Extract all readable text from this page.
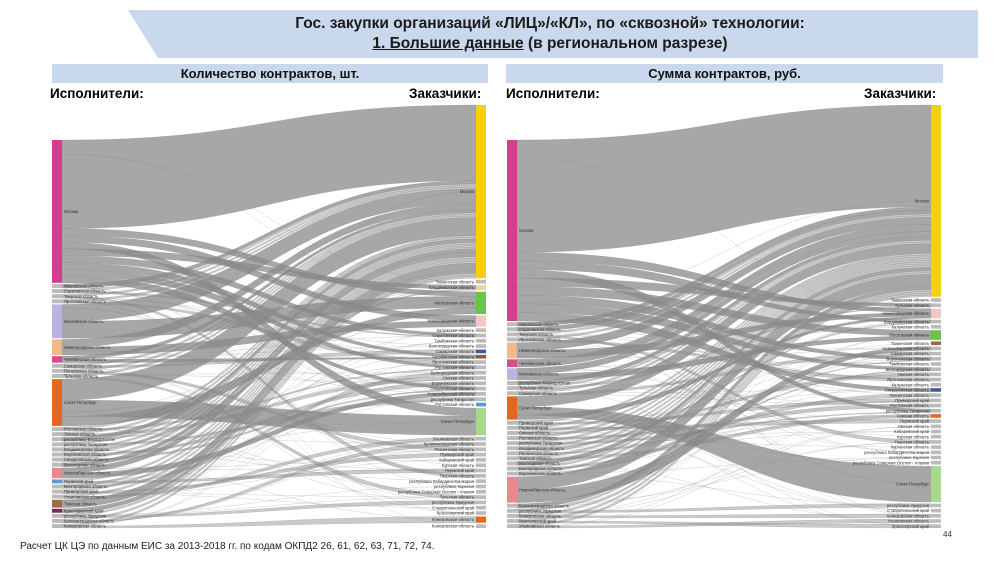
Гос. закупки организаций «ЛИЦ»/«КЛ», по «сквозной» технологии:
1. Большие данные (в региональном разрезе)
Количество контрактов, шт.	Сумма контрактов, руб.
Исполнители:	Заказчики: Исполнители:	Заказчики:
Москва
Ивановская область
Саратовская область
Тверская область
Ярославская область
Московская область
Нижегородская область
Челябинская область
Самарская область
Пензенская область
Тульская область
Санкт-Петербург
Ростовская область
Омская область
республика Башкортостан
республика Татарстан
Владимирская область
Воронежская область
Свердловская область
Вологодская область
Новосибирская область
Пермский край
Белгородская область
Приморский край
Ульяновская область
Томская область
Краснодарский край
республика Удмуртия
Калининградская область
Кемеровская область
Москва
Тюменская область
Владимирская область
Московская область
Нижегородская область
Калужская область
Саратовская область
Тамбовская область
Волгоградская область
Самарская область
Челябинская область
Ярославская область
Ростовская область
Белгородская область
Омская область
Воронежская область
Свердловская область
Новосибирская область
республика Татарстан
Ростовская область
Санкт-Петербург
Ульяновская область
Калининградская область
Пензенская область
Приморский край
Хабаровский край
Курская область
Пермский край
Тверская область
республика Кабардино-Балкария
республика Карелия
республика Северная Осетия - Алания
Тульская область
республика Удмуртия
Ставропольский край
Красноярский край
Кемеровская область
Кемеровская область
Москва
Ивановская область
Саратовская область
Тверская область
Ярославская область
Нижегородская область
Челябинская область
Московская область
республика Башкортостан
Тульская область
Самарская область
Санкт-Петербург
Приморский край
Пермский край
Омская область
Ростовская область
республика Татарстан
Владимирская область
Пензенская область
Томская область
Вологодская область
Белгородская область
Воронежская область
Новосибирская область
Калининградская область
республика Удмуртия
Кемеровская область
Красноярский край
Ульяновская область
Москва
Тюменская область
Тульская область
Нижегородская область
Владимирская область
Калужская область
Московская область
Тюменская область
Новосибирская область
Самарская область
Воронежская область
Тамбовская область
Белгородская область
Омская область
Ярославская область
Калужская область
Свердловская область
Пензенская область
Приморский край
Ростовская область
республика Татарстан
Томская область
Пермский край
Омская область
Хабаровский край
Курская область
Тверская область
Курганская область
республика Кабардино-Балкария
республика Карелия
республика Северная Осетия - Алания
Санкт-Петербург
республика Удмуртия
Ставропольский край
Кемеровская область
Ульяновская область
Красноярский край
Расчет ЦК ЦЭ по данным ЕИС за 2013-2018 гг. по кодам ОКПД2 26, 61, 62, 63, 71, 72, 74.
44
